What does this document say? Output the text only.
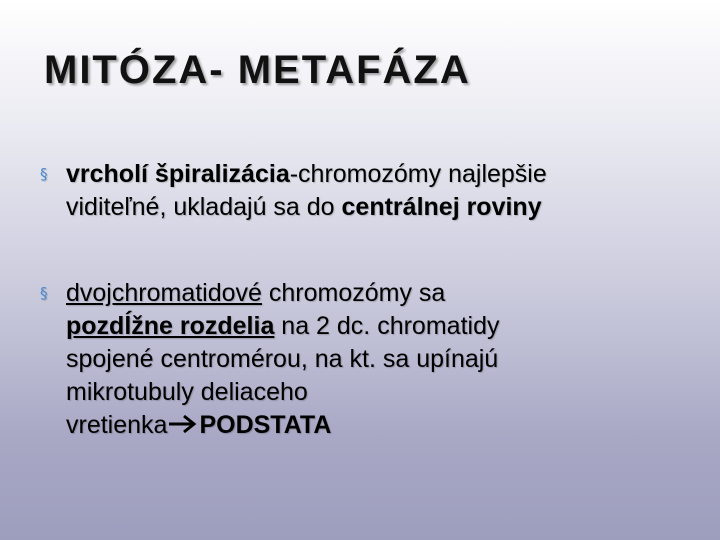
MITÓZA- METAFÁZA
§ vrcholí špiralizácia-chromozómy najlepšie
viditeľné, ukladajú sa do centrálnej roviny
§ dvojchromatidové chromozómy sa
pozdĺžne rozdelia na 2 dc. chromatidy
spojené centromérou, na kt. sa upínajú
mikrotubuly deliaceho
vretienka PODSTATA
